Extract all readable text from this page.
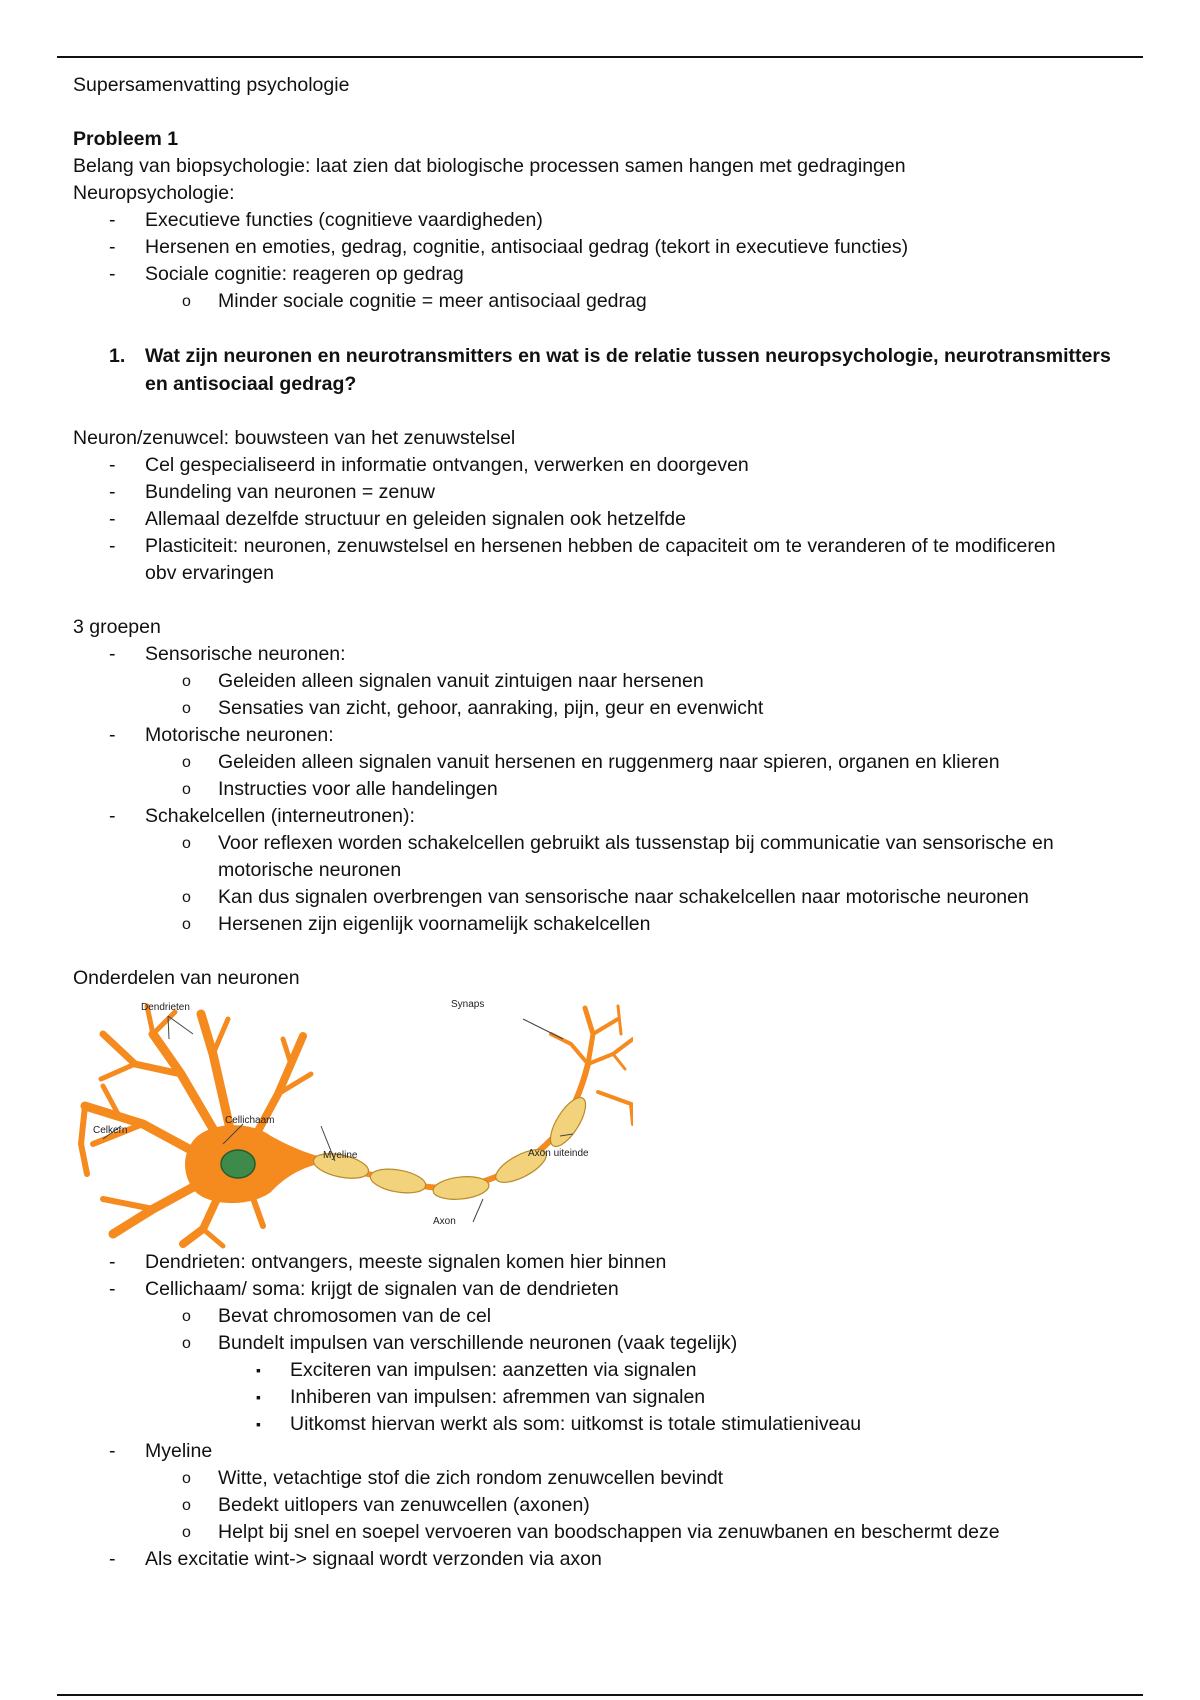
Supersamenvatting psychologie
Probleem 1
Belang van biopsychologie: laat zien dat biologische processen samen hangen met gedragingen
Neuropsychologie:
- Executieve functies (cognitieve vaardigheden)
- Hersenen en emoties, gedrag, cognitie, antisociaal gedrag (tekort in executieve functies)
- Sociale cognitie: reageren op gedrag
o Minder sociale cognitie = meer antisociaal gedrag
1. Wat zijn neuronen en neurotransmitters en wat is de relatie tussen neuropsychologie, neurotransmitters en antisociaal gedrag?
Neuron/zenuwcel: bouwsteen van het zenuwstelsel
- Cel gespecialiseerd in informatie ontvangen, verwerken en doorgeven
- Bundeling van neuronen = zenuw
- Allemaal dezelfde structuur en geleiden signalen ook hetzelfde
- Plasticiteit: neuronen, zenuwstelsel en hersenen hebben de capaciteit om te veranderen of te modificeren obv ervaringen
3 groepen
- Sensorische neuronen:
o Geleiden alleen signalen vanuit zintuigen naar hersenen
o Sensaties van zicht, gehoor, aanraking, pijn, geur en evenwicht
- Motorische neuronen:
o Geleiden alleen signalen vanuit hersenen en ruggenmerg naar spieren, organen en klieren
o Instructies voor alle handelingen
- Schakelcellen (interneutronen):
o Voor reflexen worden schakelcellen gebruikt als tussenstap bij communicatie van sensorische en motorische neuronen
o Kan dus signalen overbrengen van sensorische naar schakelcellen naar motorische neuronen
o Hersenen zijn eigenlijk voornamelijk schakelcellen
Onderdelen van neuronen
Dendrieten
Celkern
Cellichaam
Myeline
Axon
Synaps
Axon uiteinde
- Dendrieten: ontvangers, meeste signalen komen hier binnen
- Cellichaam/ soma: krijgt de signalen van de dendrieten
o Bevat chromosomen van de cel
o Bundelt impulsen van verschillende neuronen (vaak tegelijk)
▪ Exciteren van impulsen: aanzetten via signalen
▪ Inhiberen van impulsen: afremmen van signalen
▪ Uitkomst hiervan werkt als som: uitkomst is totale stimulatieniveau
- Myeline
o Witte, vetachtige stof die zich rondom zenuwcellen bevindt
o Bedekt uitlopers van zenuwcellen (axonen)
o Helpt bij snel en soepel vervoeren van boodschappen via zenuwbanen en beschermt deze
- Als excitatie wint-> signaal wordt verzonden via axon
